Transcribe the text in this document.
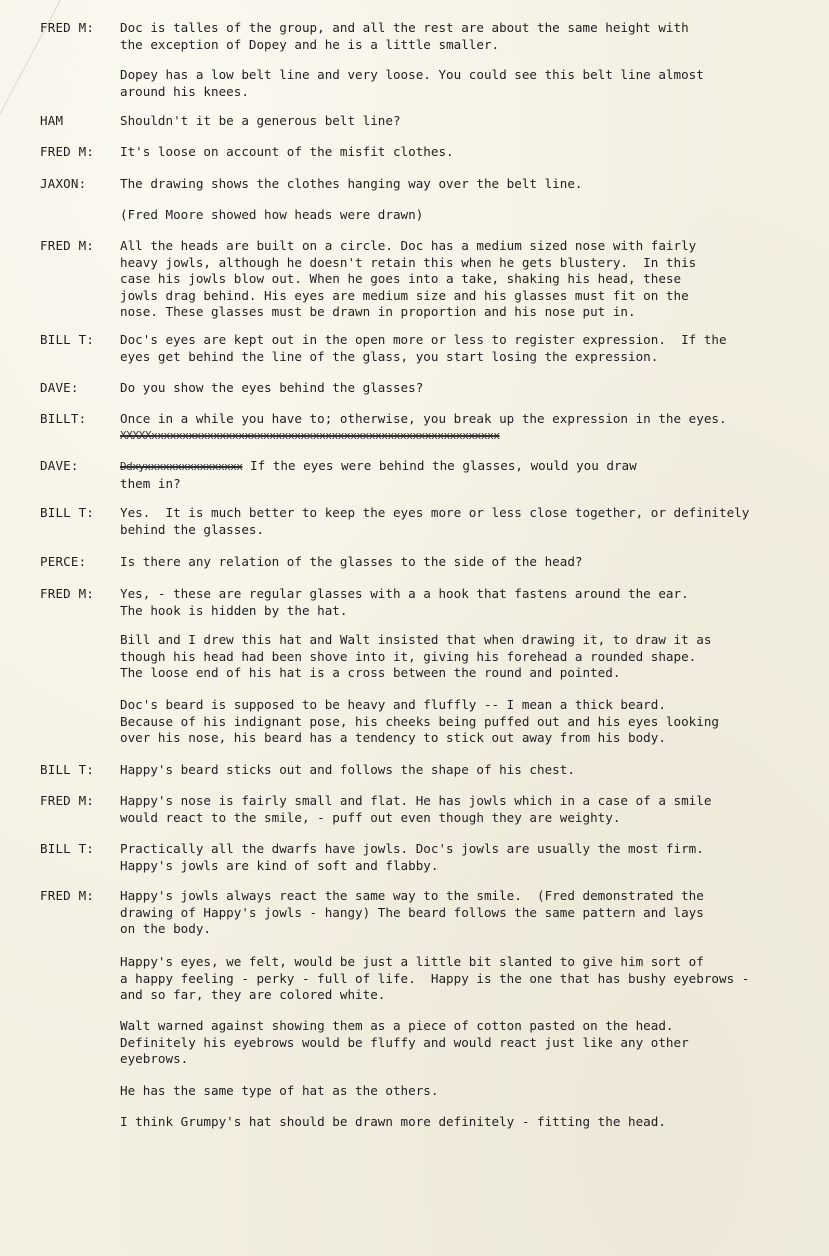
FRED M:	Doc is talles of the group, and all the rest are about the same height with
the exception of Dopey and he is a little smaller.
Dopey has a low belt line and very loose. You could see this belt line almost
around his knees.
HAM	Shouldn't it be a generous belt line?
FRED M:	It's loose on account of the misfit clothes.
JAXON:	The drawing shows the clothes hanging way over the belt line.
(Fred Moore showed how heads were drawn)
FRED M:	All the heads are built on a circle. Doc has a medium sized nose with fairly
heavy jowls, although he doesn't retain this when he gets blustery.  In this
case his jowls blow out. When he goes into a take, shaking his head, these
jowls drag behind. His eyes are medium size and his glasses must fit on the
nose. These glasses must be drawn in proportion and his nose put in.
BILL T:	Doc's eyes are kept out in the open more or less to register expression.  If the
eyes get behind the line of the glass, you start losing the expression.
DAVE:	Do you show the eyes behind the glasses?
BILLT:	Once in a while you have to; otherwise, you break up the expression in the eyes.
XXXXXxxxxxxxxxxxxxxxxxxxxxxxxxxxxxxxxxxxxxxxxxxxxxxxxxxxxxxxx
DAVE:	Ddxyxxxxxxxxxxxxxxxx If the eyes were behind the glasses, would you draw
them in?
BILL T:	Yes.  It is much better to keep the eyes more or less close together, or definitely
behind the glasses.
PERCE:	Is there any relation of the glasses to the side of the head?
FRED M:	Yes, - these are regular glasses with a a hook that fastens around the ear.
The hook is hidden by the hat.
Bill and I drew this hat and Walt insisted that when drawing it, to draw it as
though his head had been shove into it, giving his forehead a rounded shape.
The loose end of his hat is a cross between the round and pointed.
Doc's beard is supposed to be heavy and fluffly -- I mean a thick beard.
Because of his indignant pose, his cheeks being puffed out and his eyes looking
over his nose, his beard has a tendency to stick out away from his body.
BILL T:	Happy's beard sticks out and follows the shape of his chest.
FRED M:	Happy's nose is fairly small and flat. He has jowls which in a case of a smile
would react to the smile, - puff out even though they are weighty.
BILL T:	Practically all the dwarfs have jowls. Doc's jowls are usually the most firm.
Happy's jowls are kind of soft and flabby.
FRED M:	Happy's jowls always react the same way to the smile.  (Fred demonstrated the
drawing of Happy's jowls - hangy) The beard follows the same pattern and lays
on the body.
Happy's eyes, we felt, would be just a little bit slanted to give him sort of
a happy feeling - perky - full of life.  Happy is the one that has bushy eyebrows -
and so far, they are colored white.
Walt warned against showing them as a piece of cotton pasted on the head.
Definitely his eyebrows would be fluffy and would react just like any other
eyebrows.
He has the same type of hat as the others.
I think Grumpy's hat should be drawn more definitely - fitting the head.
